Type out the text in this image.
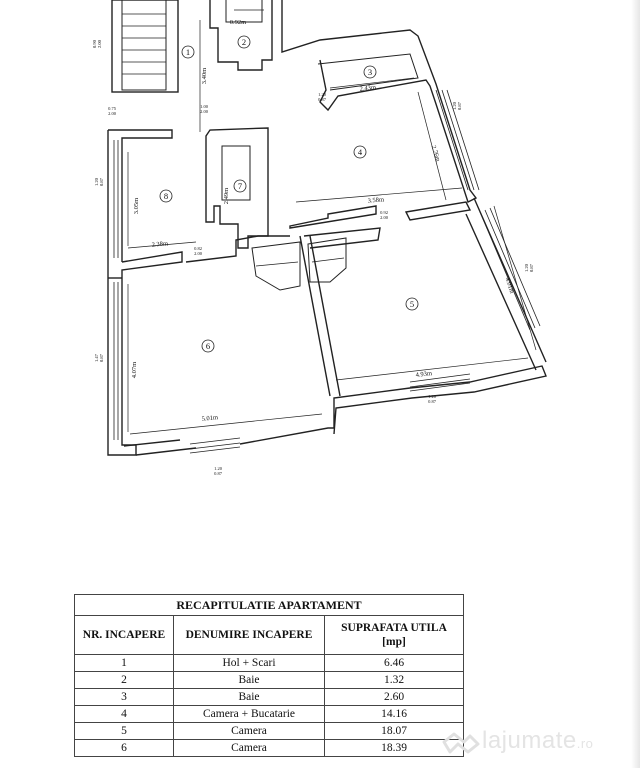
1
2
3
4
5
6
7
8
0.92m
3.40m
2.43m
2.76m
3.58m
4.01m
4.93m
5.01m
4.07m
2.38m
3.05m
2.49m
0.75 2.00
0.902.00
1.00 2.00
0.92 2.00
0.82 2.00
1.200.87
1.470.87
1.20 0.87
1.20 0.87
1.200.87
1.200.87
1.20 0.87
RECAPITULATIE APARTAMENT		
NR. INCAPERE	DENUMIRE INCAPERE	SUPRAFATA UTILA
[mp]
1	Hol + Scari	6.46
2	Baie	1.32
3	Baie	2.60
4	Camera + Bucatarie	14.16
5	Camera	18.07
6	Camera	18.39	lajumate.ro
